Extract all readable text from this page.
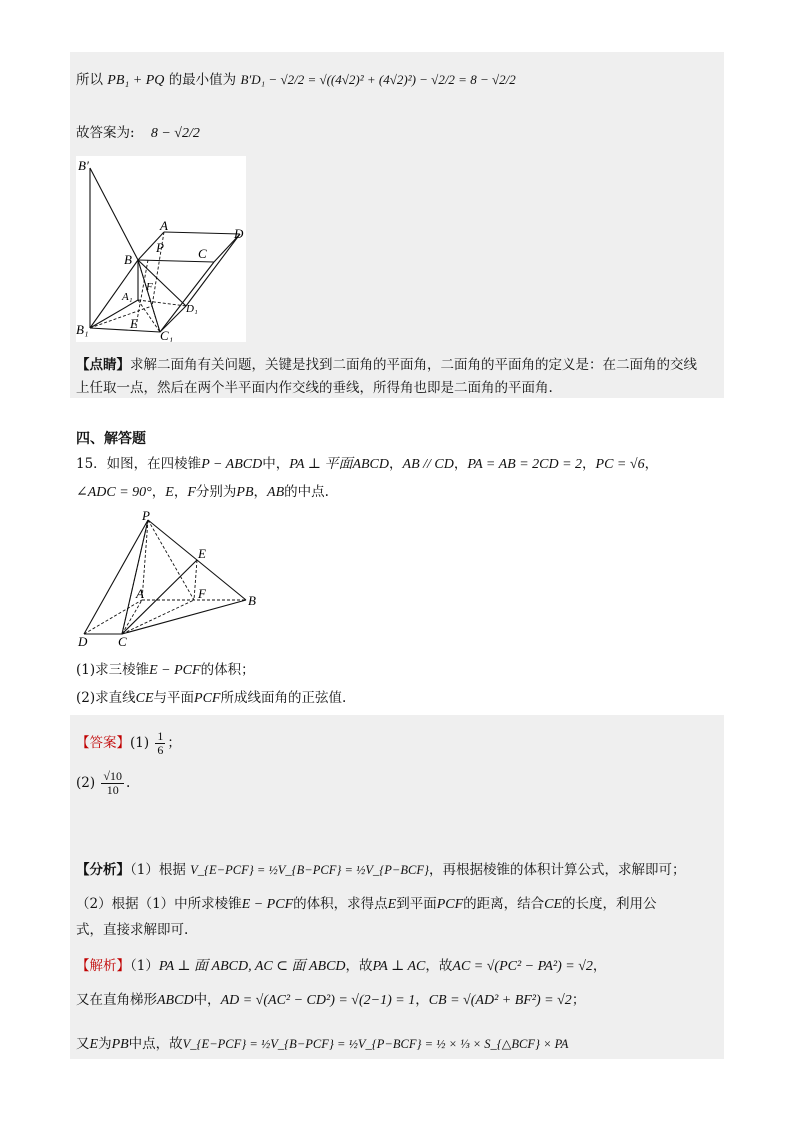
所以 PB₁ + PQ 的最小值为 B′D₁ − √2/2 = √((4√2)² + (4√2)²) − √2/2 = 8 − √2/2
故答案为: 8 − √2/2
B′
A
D
P	C
B
A₁
F
D₁
B₁	E
C₁
【点睛】求解二面角有关问题，关键是找到二面角的平面角，二面角的平面角的定义是：在二面角的交线
上任取一点，然后在两个半平面内作交线的垂线，所得角也即是二面角的平面角.
四、解答题
15．如图，在四棱锥P − ABCD中，PA ⊥ 平面ABCD，AB // CD，PA = AB = 2CD = 2，PC = √6，
∠ADC = 90°，E，F分别为PB，AB的中点.
P
E
A	F	B
D C
(1)求三棱锥E − PCF的体积；
(2)求直线CE与平面PCF所成线面角的正弦值.
【答案】$(1) \frac{1}{6}$ ；
$(2) \frac{√10}{10}$ .
【分析】（1）根据 V_{E−PCF} = ½V_{B−PCF} = ½V_{P−BCF}，再根据棱锥的体积计算公式，求解即可；
（2）根据（1）中所求棱锥E − PCF的体积，求得点E到平面PCF的距离，结合CE的长度，利用公
式，直接求解即可.
【解析】（1）PA ⊥ 面 ABCD, AC ⊂ 面 ABCD，故PA ⊥ AC，故AC = √(PC² − PA²) = √2，
又在直角梯形ABCD中，AD = √(AC² − CD²) = √(2−1) = 1，CB = √(AD² + BF²) = √2；
又E为PB中点，故V_{E−PCF} = ½V_{B−PCF} = ½V_{P−BCF} = ½ × ⅓ × S_{△BCF} × PA
